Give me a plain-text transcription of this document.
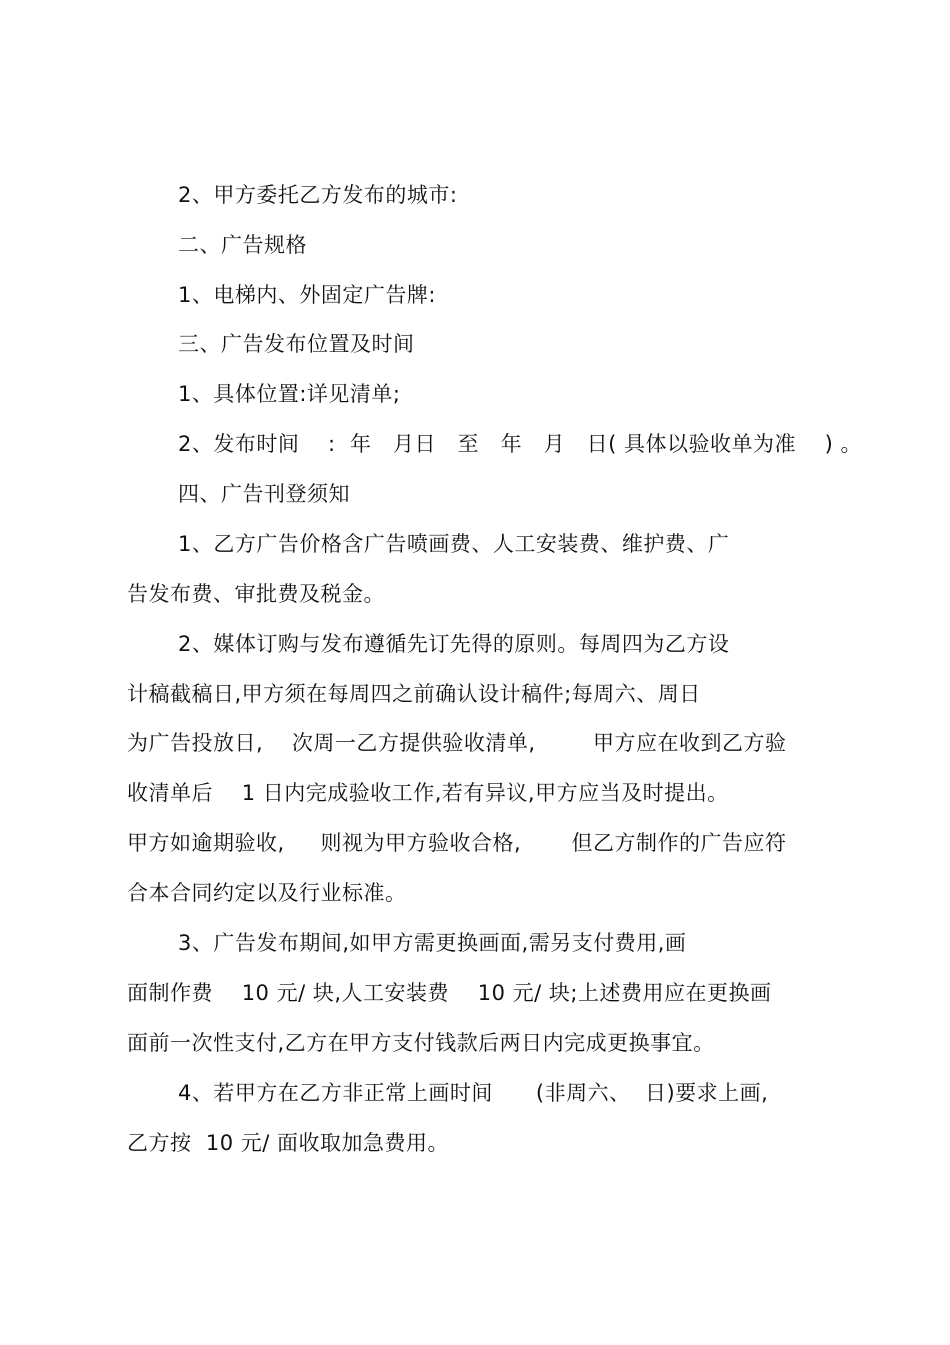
2、甲方委托乙方发布的城市:
二、广告规格
1、电梯内、外固定广告牌:
三、广告发布位置及时间
1、具体位置:详见清单;
2、发布时间    :  年   月日   至   年   月   日( 具体以验收单为准    ) 。
四、广告刊登须知
1、乙方广告价格含广告喷画费、人工安装费、维护费、广
告发布费、审批费及税金。
2、媒体订购与发布遵循先订先得的原则。每周四为乙方设
计稿截稿日,甲方须在每周四之前确认设计稿件;每周六、周日
为广告投放日,    次周一乙方提供验收清单,        甲方应在收到乙方验
收清单后    1 日内完成验收工作,若有异议,甲方应当及时提出。
甲方如逾期验收,     则视为甲方验收合格,       但乙方制作的广告应符
合本合同约定以及行业标准。
3、广告发布期间,如甲方需更换画面,需另支付费用,画
面制作费    10 元/ 块,人工安装费    10 元/ 块;上述费用应在更换画
面前一次性支付,乙方在甲方支付钱款后两日内完成更换事宜。
4、若甲方在乙方非正常上画时间      (非周六、  日)要求上画,
乙方按  10 元/ 面收取加急费用。
